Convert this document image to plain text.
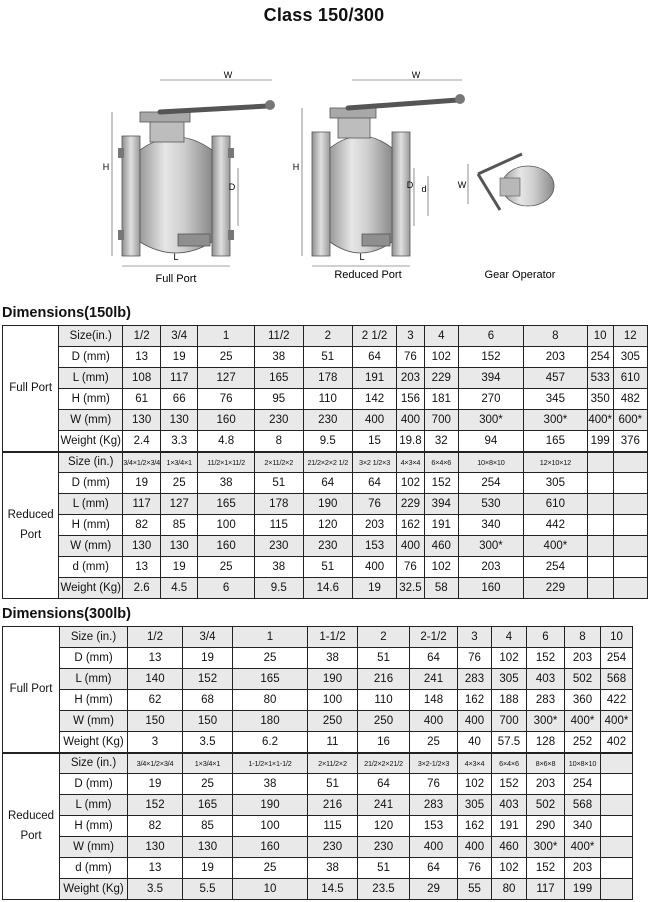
Class 150/300
W
H
D
L
Full Port
W
H
D d
L
Reduced Port
W
Gear Operator
Dimensions(150lb)
Full Port	Size(in.)	1/2	3/4	1	11/2	2	2 1/2	3	4	6	8	10	12
	D (mm)	13	19	25	38	51	64	76	102	152	203	254	305
	L (mm)	108	117	127	165	178	191	203	229	394	457	533	610
	H (mm)	61	66	76	95	110	142	156	181	270	345	350	482
	W (mm)	130	130	160	230	230	400	400	700	300*	300*	400*	600*
	Weight (Kg)	2.4	3.3	4.8	8	9.5	15	19.8	32	94	165	199	376
Reduced Port	Size (in.)	3/4×1/2×3/4	1×3/4×1	11/2×1×11/2	2×11/2×2	21/2×2×2 1/2	3×2 1/2×3	4×3×4	6×4×6	10×8×10	12×10×12		
	D (mm)	19	25	38	51	64	64	102	152	254	305		
	L (mm)	117	127	165	178	190	76	229	394	530	610		
	H (mm)	82	85	100	115	120	203	162	191	340	442		
	W (mm)	130	130	160	230	230	153	400	460	300*	400*		
	d (mm)	13	19	25	38	51	400	76	102	203	254		
	Weight (Kg)	2.6	4.5	6	9.5	14.6	19	32.5	58	160	229		
Dimensions(300lb)
Full Port	Size (in.)	1/2	3/4	1	1-1/2	2	2-1/2	3	4	6	8	10
	D (mm)	13	19	25	38	51	64	76	102	152	203	254
	L (mm)	140	152	165	190	216	241	283	305	403	502	568
	H (mm)	62	68	80	100	110	148	162	188	283	360	422
	W (mm)	150	150	180	250	250	400	400	700	300*	400*	400*
	Weight (Kg)	3	3.5	6.2	11	16	25	40	57.5	128	252	402
Reduced Port	Size (in.)	3/4×1/2×3/4	1×3/4×1	1-1/2×1×1-1/2	2×11/2×2	21/2×2×21/2	3×2-1/2×3	4×3×4	6×4×6	8×6×8	10×8×10	
	D (mm)	19	25	38	51	64	76	102	152	203	254	
	L (mm)	152	165	190	216	241	283	305	403	502	568	
	H (mm)	82	85	100	115	120	153	162	191	290	340	
	W (mm)	130	130	160	230	230	400	400	460	300*	400*	
	d (mm)	13	19	25	38	51	64	76	102	152	203	
	Weight (Kg)	3.5	5.5	10	14.5	23.5	29	55	80	117	199	
